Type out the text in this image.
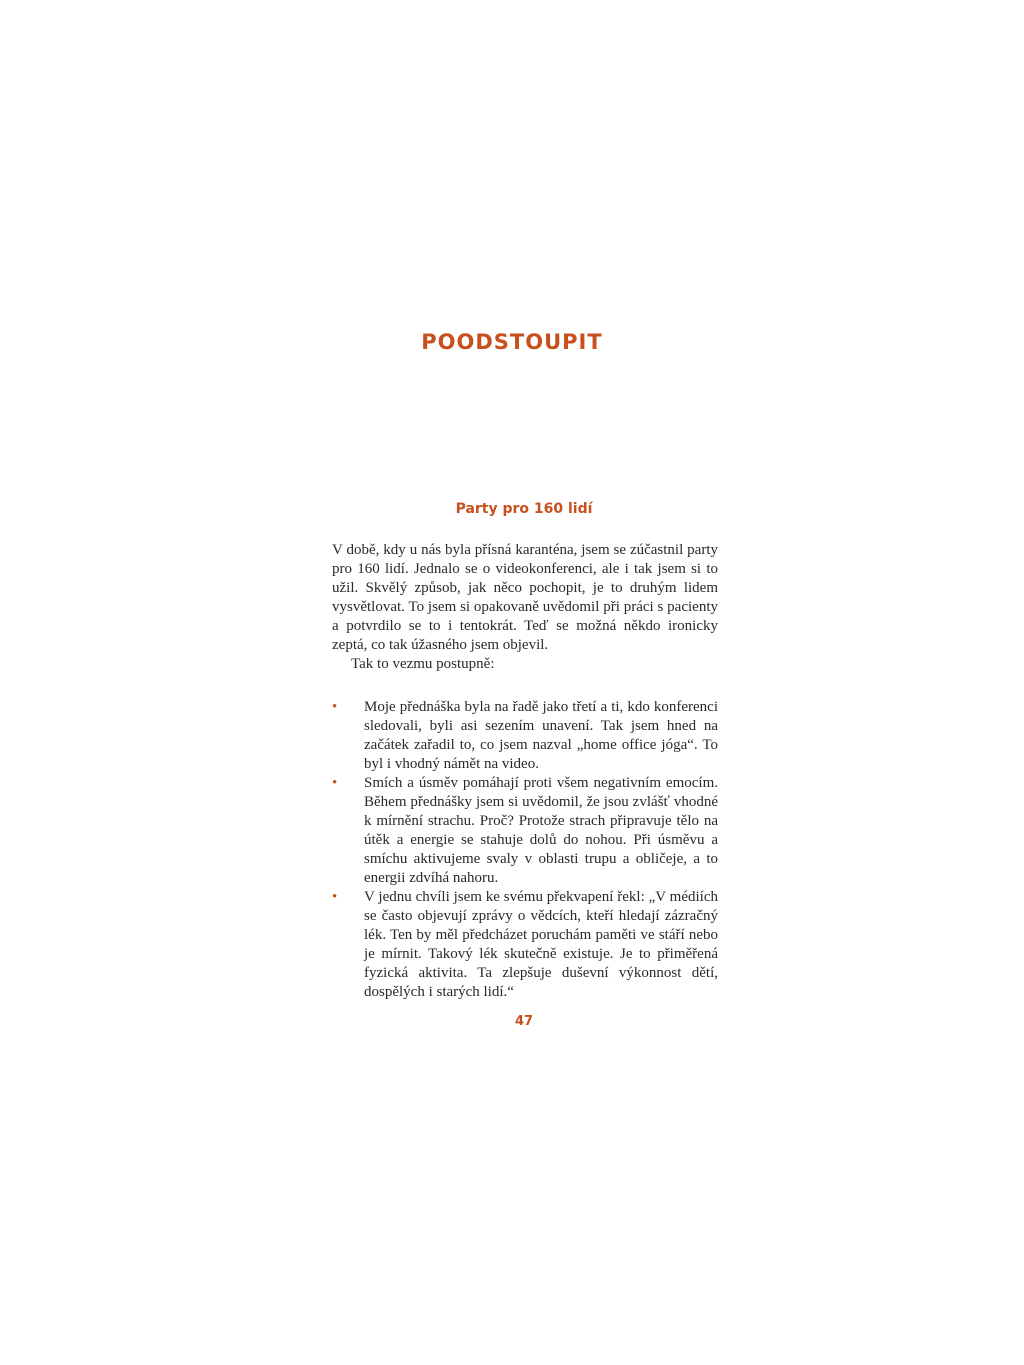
POODSTOUPIT
Party pro 160 lidí

V době, kdy u nás byla přísná karanténa, jsem se zúčastnil party pro 160 lidí. Jednalo se o videokonferenci, ale i tak jsem si to užil. Skvělý způsob, jak něco pochopit, je to druhým lidem vysvětlovat. To jsem si opakovaně uvědomil při práci s pacienty a potvrdilo se to i tentokrát. Teď se možná někdo ironicky zeptá, co tak úžasného jsem objevil.

Tak to vezmu postupně:

• Moje přednáška byla na řadě jako třetí a ti, kdo konferenci sledovali, byli asi sezením unavení. Tak jsem hned na začátek zařadil to, co jsem nazval „home office jóga“. To byl i vhodný námět na video.
• Smích a úsměv pomáhají proti všem negativním emocím. Během přednášky jsem si uvědomil, že jsou zvlášť vhodné k mírnění strachu. Proč? Protože strach připravuje tělo na útěk a energie se stahuje dolů do nohou. Při úsměvu a smíchu aktivujeme svaly v oblasti trupu a obličeje, a to energii zdvíhá nahoru.
• V jednu chvíli jsem ke svému překvapení řekl: „V médiích se často objevují zprávy o vědcích, kteří hledají zázračný lék. Ten by měl předcházet poruchám paměti ve stáří nebo je mírnit. Takový lék skutečně existuje. Je to přiměřená fyzická aktivita. Ta zlepšuje duševní výkonnost dětí, dospělých i starých lidí.“
47
